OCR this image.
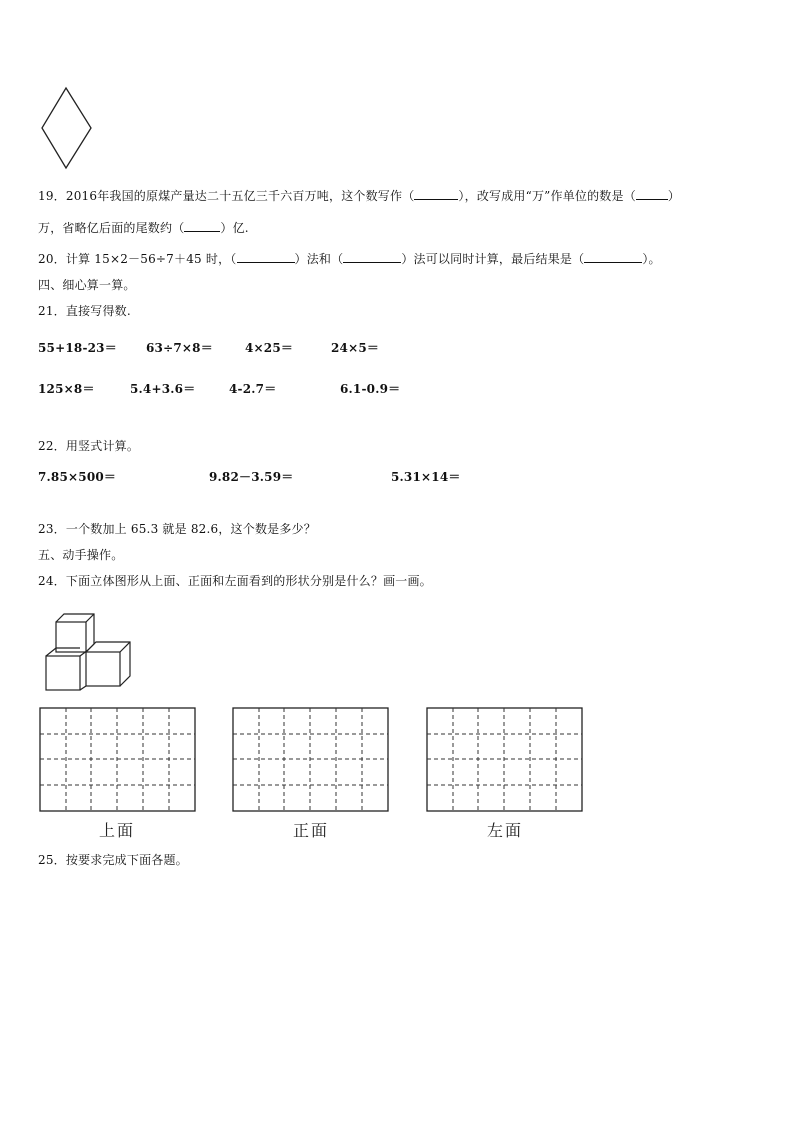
19．2016年我国的原煤产量达二十五亿三千六百万吨，这个数写作（	），改写成用“万”作单位的数是（	）
万，省略亿后面的尾数约（	）亿.
20．计算 15×2－56÷7＋45 时，（	）法和（	）法可以同时计算，最后结果是（	）。
四、细心算一算。
21．直接写得数.
55+18-23＝ 63÷7×8＝	4×25＝	24×5＝
125×8＝	5.4+3.6＝	4-2.7＝	6.1-0.9＝
22．用竖式计算。
7.85×500＝	9.82－3.59＝	5.31×14＝
23．一个数加上 65.3 就是 82.6，这个数是多少？
五、动手操作。
24．下面立体图形从上面、正面和左面看到的形状分别是什么？画一画。
上面	正面	左面
25．按要求完成下面各题。
